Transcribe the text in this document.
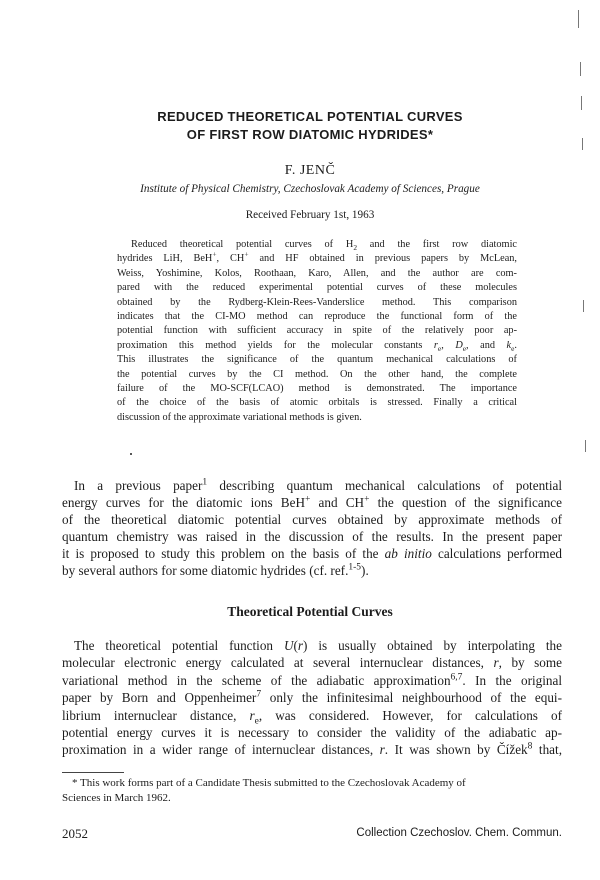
REDUCED THEORETICAL POTENTIAL CURVES
OF FIRST ROW DIATOMIC HYDRIDES*
F. JENČ
Institute of Physical Chemistry, Czechoslovak Academy of Sciences, Prague
Received February 1st, 1963
Reduced theoretical potential curves of $H_2$ and the first row diatomic
hydrides LiH, BeH+, CH+ and HF obtained in previous papers by McLean,
Weiss, Yoshimine, Kolos, Roothaan, Karo, Allen, and the author are com-
pared with the reduced experimental potential curves of these molecules
obtained by the Rydberg-Klein-Rees-Vanderslice method. This comparison
indicates that the CI-MO method can reproduce the functional form of the
potential function with sufficient accuracy in spite of the relatively poor ap-
proximation this method yields for the molecular constants $r_e$, $D_e$, and $k_e$.
This illustrates the significance of the quantum mechanical calculations of
the potential curves by the CI method. On the other hand, the complete
failure of the MO-SCF(LCAO) method is demonstrated. The importance
of the choice of the basis of atomic orbitals is stressed. Finally a critical
discussion of the approximate variational methods is given.
In a previous paper$^1$ describing quantum mechanical calculations of potential
energy curves for the diatomic ions BeH+ and CH+ the question of the significance
of the theoretical diatomic potential curves obtained by approximate methods of
quantum chemistry was raised in the discussion of the results. In the present paper
it is proposed to study this problem on the basis of the ab initio calculations performed
by several authors for some diatomic hydrides (cf. ref.$^{1-5}$).
Theoretical Potential Curves
The theoretical potential function U(r) is usually obtained by interpolating the
molecular electronic energy calculated at several internuclear distances, r, by some
variational method in the scheme of the adiabatic approximation$^{6,7}$. In the original
paper by Born and Oppenheimer$^7$ only the infinitesimal neighbourhood of the equi-
librium internuclear distance, $r_e$, was considered. However, for calculations of
potential energy curves it is necessary to consider the validity of the adiabatic ap-
proximation in a wider range of internuclear distances, r. It was shown by Čížek$^8$ that,
* This work forms part of a Candidate Thesis submitted to the Czechoslovak Academy of
Sciences in March 1962.
2052	Collection Czechoslov. Chem. Commun.
